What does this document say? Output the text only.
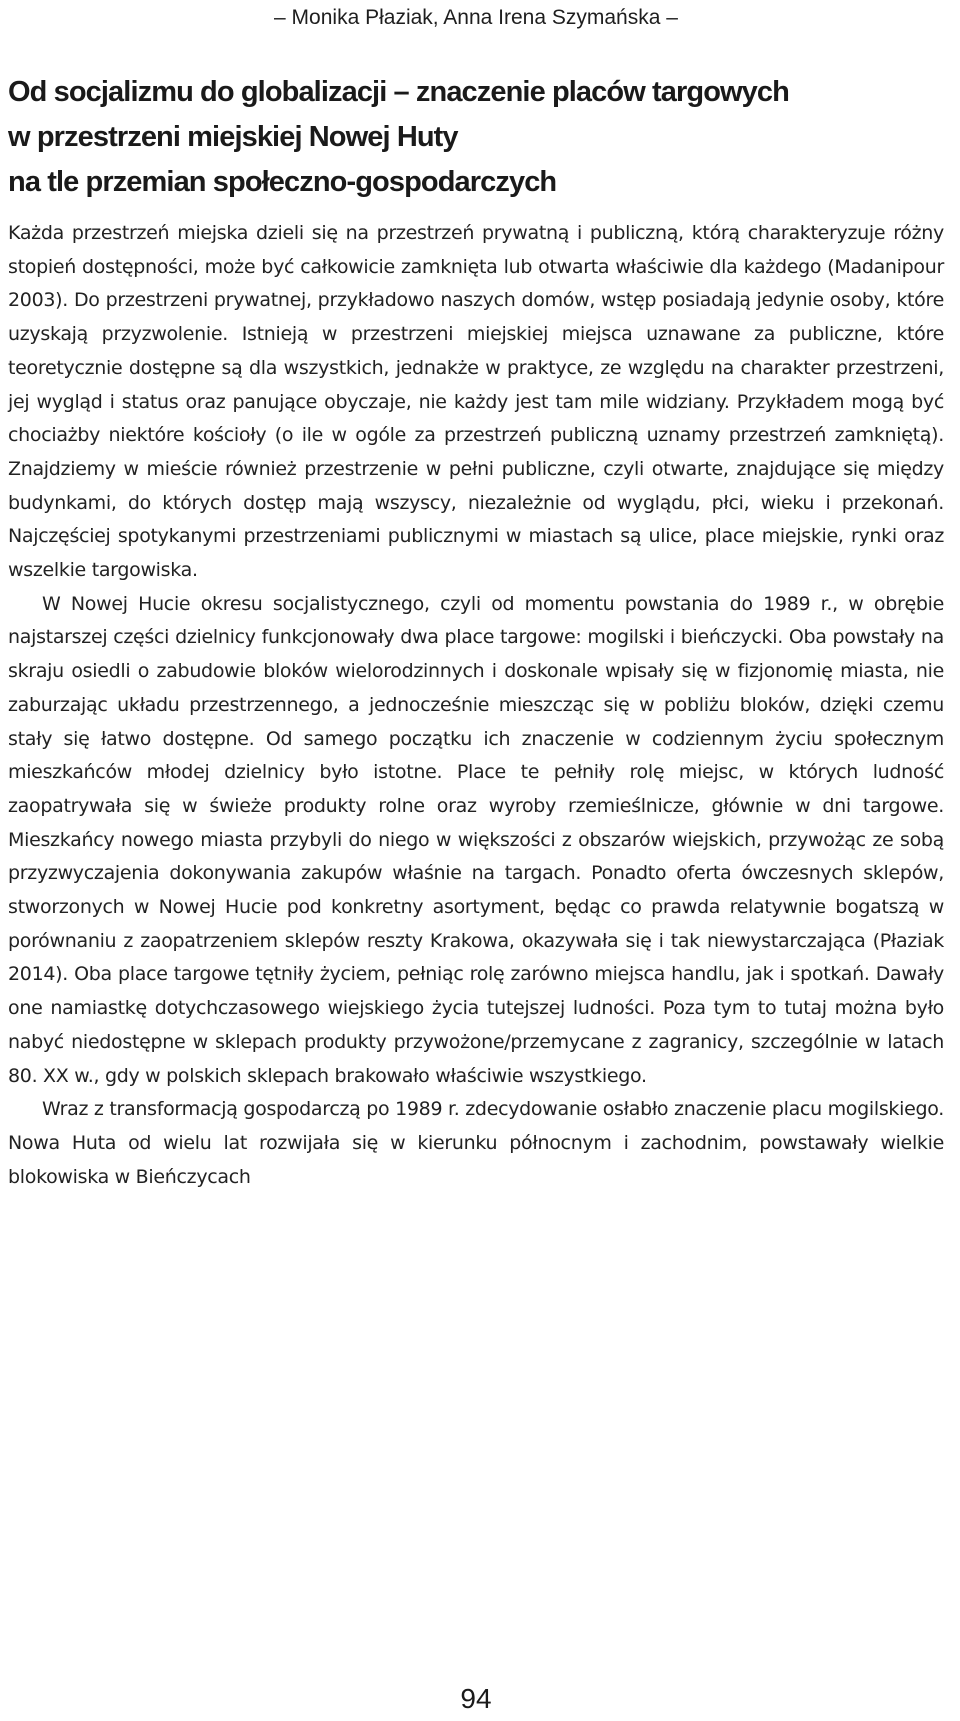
– Monika Płaziak, Anna Irena Szymańska –
Od socjalizmu do globalizacji – znaczenie placów targowych
w przestrzeni miejskiej Nowej Huty
na tle przemian społeczno-gospodarczych

Każda przestrzeń miejska dzieli się na przestrzeń prywatną i publiczną, którą charakteryzuje różny stopień dostępności, może być całkowicie zamknięta lub otwarta właściwie dla każdego (Madanipour 2003). Do przestrzeni prywatnej, przykładowo naszych domów, wstęp posiadają jedynie osoby, które uzyskają przyzwolenie. Istnieją w przestrzeni miejskiej miejsca uznawane za publiczne, które teoretycznie dostępne są dla wszystkich, jednakże w praktyce, ze względu na charakter przestrzeni, jej wygląd i status oraz panujące obyczaje, nie każdy jest tam mile widziany. Przykładem mogą być chociażby niektóre kościoły (o ile w ogóle za przestrzeń publiczną uznamy przestrzeń zamkniętą). Znajdziemy w mieście również przestrzenie w pełni publiczne, czyli otwarte, znajdujące się między budynkami, do których dostęp mają wszyscy, niezależnie od wyglądu, płci, wieku i przekonań. Najczęściej spotykanymi przestrzeniami publicznymi w miastach są ulice, place miejskie, rynki oraz wszelkie targowiska.

W Nowej Hucie okresu socjalistycznego, czyli od momentu powstania do 1989 r., w obrębie najstarszej części dzielnicy funkcjonowały dwa place targowe: mogilski i bieńczycki. Oba powstały na skraju osiedli o zabudowie bloków wielorodzinnych i doskonale wpisały się w fizjonomię miasta, nie zaburzając układu przestrzennego, a jednocześnie mieszcząc się w pobliżu bloków, dzięki czemu stały się łatwo dostępne. Od samego początku ich znaczenie w codziennym życiu społecznym mieszkańców młodej dzielnicy było istotne. Place te pełniły rolę miejsc, w których ludność zaopatrywała się w świeże produkty rolne oraz wyroby rzemieślnicze, głównie w dni targowe. Mieszkańcy nowego miasta przybyli do niego w większości z obszarów wiejskich, przywożąc ze sobą przyzwyczajenia dokonywania zakupów właśnie na targach. Ponadto oferta ówczesnych sklepów, stworzonych w Nowej Hucie pod konkretny asortyment, będąc co prawda relatywnie bogatszą w porównaniu z zaopatrzeniem sklepów reszty Krakowa, okazywała się i tak niewystarczająca (Płaziak 2014). Oba place targowe tętniły życiem, pełniąc rolę zarówno miejsca handlu, jak i spotkań. Dawały one namiastkę dotychczasowego wiejskiego życia tutejszej ludności. Poza tym to tutaj można było nabyć niedostępne w sklepach produkty przywożone/przemycane z zagranicy, szczególnie w latach 80. XX w., gdy w polskich sklepach brakowało właściwie wszystkiego.

Wraz z transformacją gospodarczą po 1989 r. zdecydowanie osłabło znaczenie placu mogilskiego. Nowa Huta od wielu lat rozwijała się w kierunku północnym i zachodnim, powstawały wielkie blokowiska w Bieńczycach

94
